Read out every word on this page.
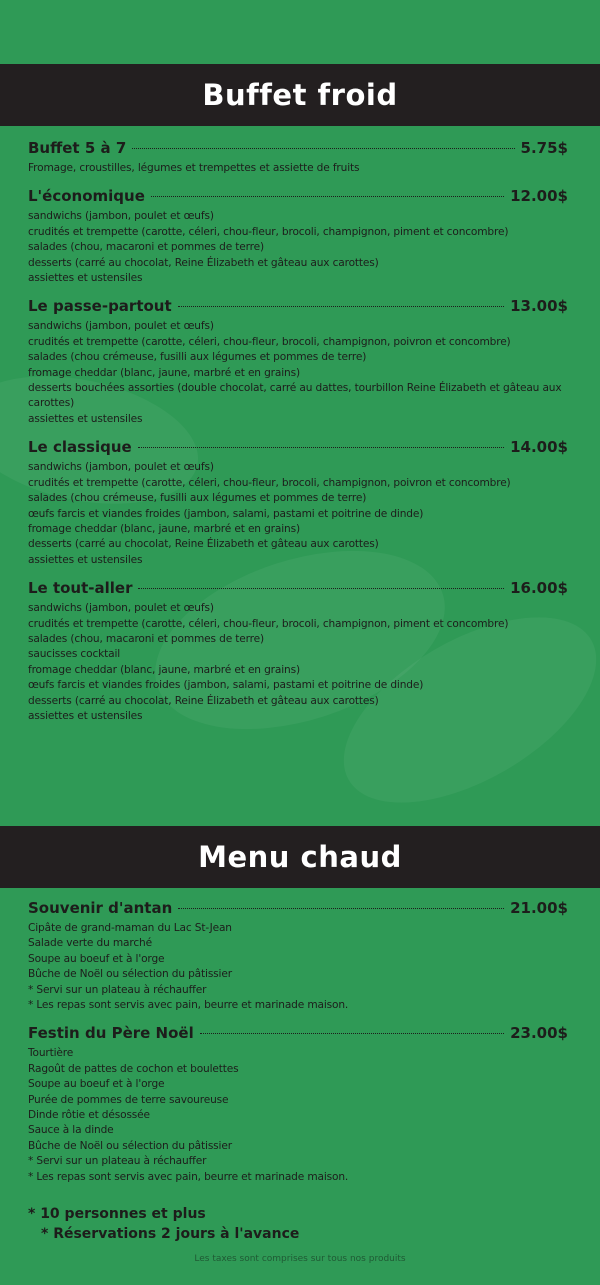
Buffet froid
Buffet 5 à 7	5.75$
Fromage, croustilles, légumes et trempettes et assiette de fruits
L'économique	12.00$
sandwichs (jambon, poulet et œufs)
crudités et trempette (carotte, céleri, chou-fleur, brocoli, champignon, piment et concombre)
salades (chou, macaroni et pommes de terre)
desserts (carré au chocolat, Reine Élizabeth et gâteau aux carottes)
assiettes et ustensiles
Le passe-partout	13.00$
sandwichs (jambon, poulet et œufs)
crudités et trempette (carotte, céleri, chou-fleur, brocoli, champignon, poivron et concombre)
salades (chou crémeuse, fusilli aux légumes et pommes de terre)
fromage cheddar (blanc, jaune, marbré et en grains)
desserts bouchées assorties (double chocolat, carré au dattes, tourbillon Reine Élizabeth et gâteau aux carottes)
assiettes et ustensiles
Le classique	14.00$
sandwichs (jambon, poulet et œufs)
crudités et trempette (carotte, céleri, chou-fleur, brocoli, champignon, poivron et concombre)
salades (chou crémeuse, fusilli aux légumes et pommes de terre)
œufs farcis et viandes froides (jambon, salami, pastami et poitrine de dinde)
fromage cheddar (blanc, jaune, marbré et en grains)
desserts (carré au chocolat, Reine Élizabeth et gâteau aux carottes)
assiettes et ustensiles
Le tout-aller	16.00$
sandwichs (jambon, poulet et œufs)
crudités et trempette (carotte, céleri, chou-fleur, brocoli, champignon, piment et concombre)
salades (chou, macaroni et pommes de terre)
saucisses cocktail
fromage cheddar (blanc, jaune, marbré et en grains)
œufs farcis et viandes froides (jambon, salami, pastami et poitrine de dinde)
desserts (carré au chocolat, Reine Élizabeth et gâteau aux carottes)
assiettes et ustensiles
Menu chaud
Souvenir d'antan	21.00$
Cipâte de grand-maman du Lac St-Jean
Salade verte du marché
Soupe au boeuf et à l'orge
Bûche de Noël ou sélection du pâtissier
* Servi sur un plateau à réchauffer
* Les repas sont servis avec pain, beurre et marinade maison.
Festin du Père Noël	23.00$
Tourtière
Ragoût de pattes de cochon et boulettes
Soupe au boeuf et à l'orge
Purée de pommes de terre savoureuse
Dinde rôtie et désossée
Sauce à la dinde
Bûche de Noël ou sélection du pâtissier
* Servi sur un plateau à réchauffer
* Les repas sont servis avec pain, beurre et marinade maison.
* 10 personnes et plus
* Réservations 2 jours à l'avance
Les taxes sont comprises sur tous nos produits
